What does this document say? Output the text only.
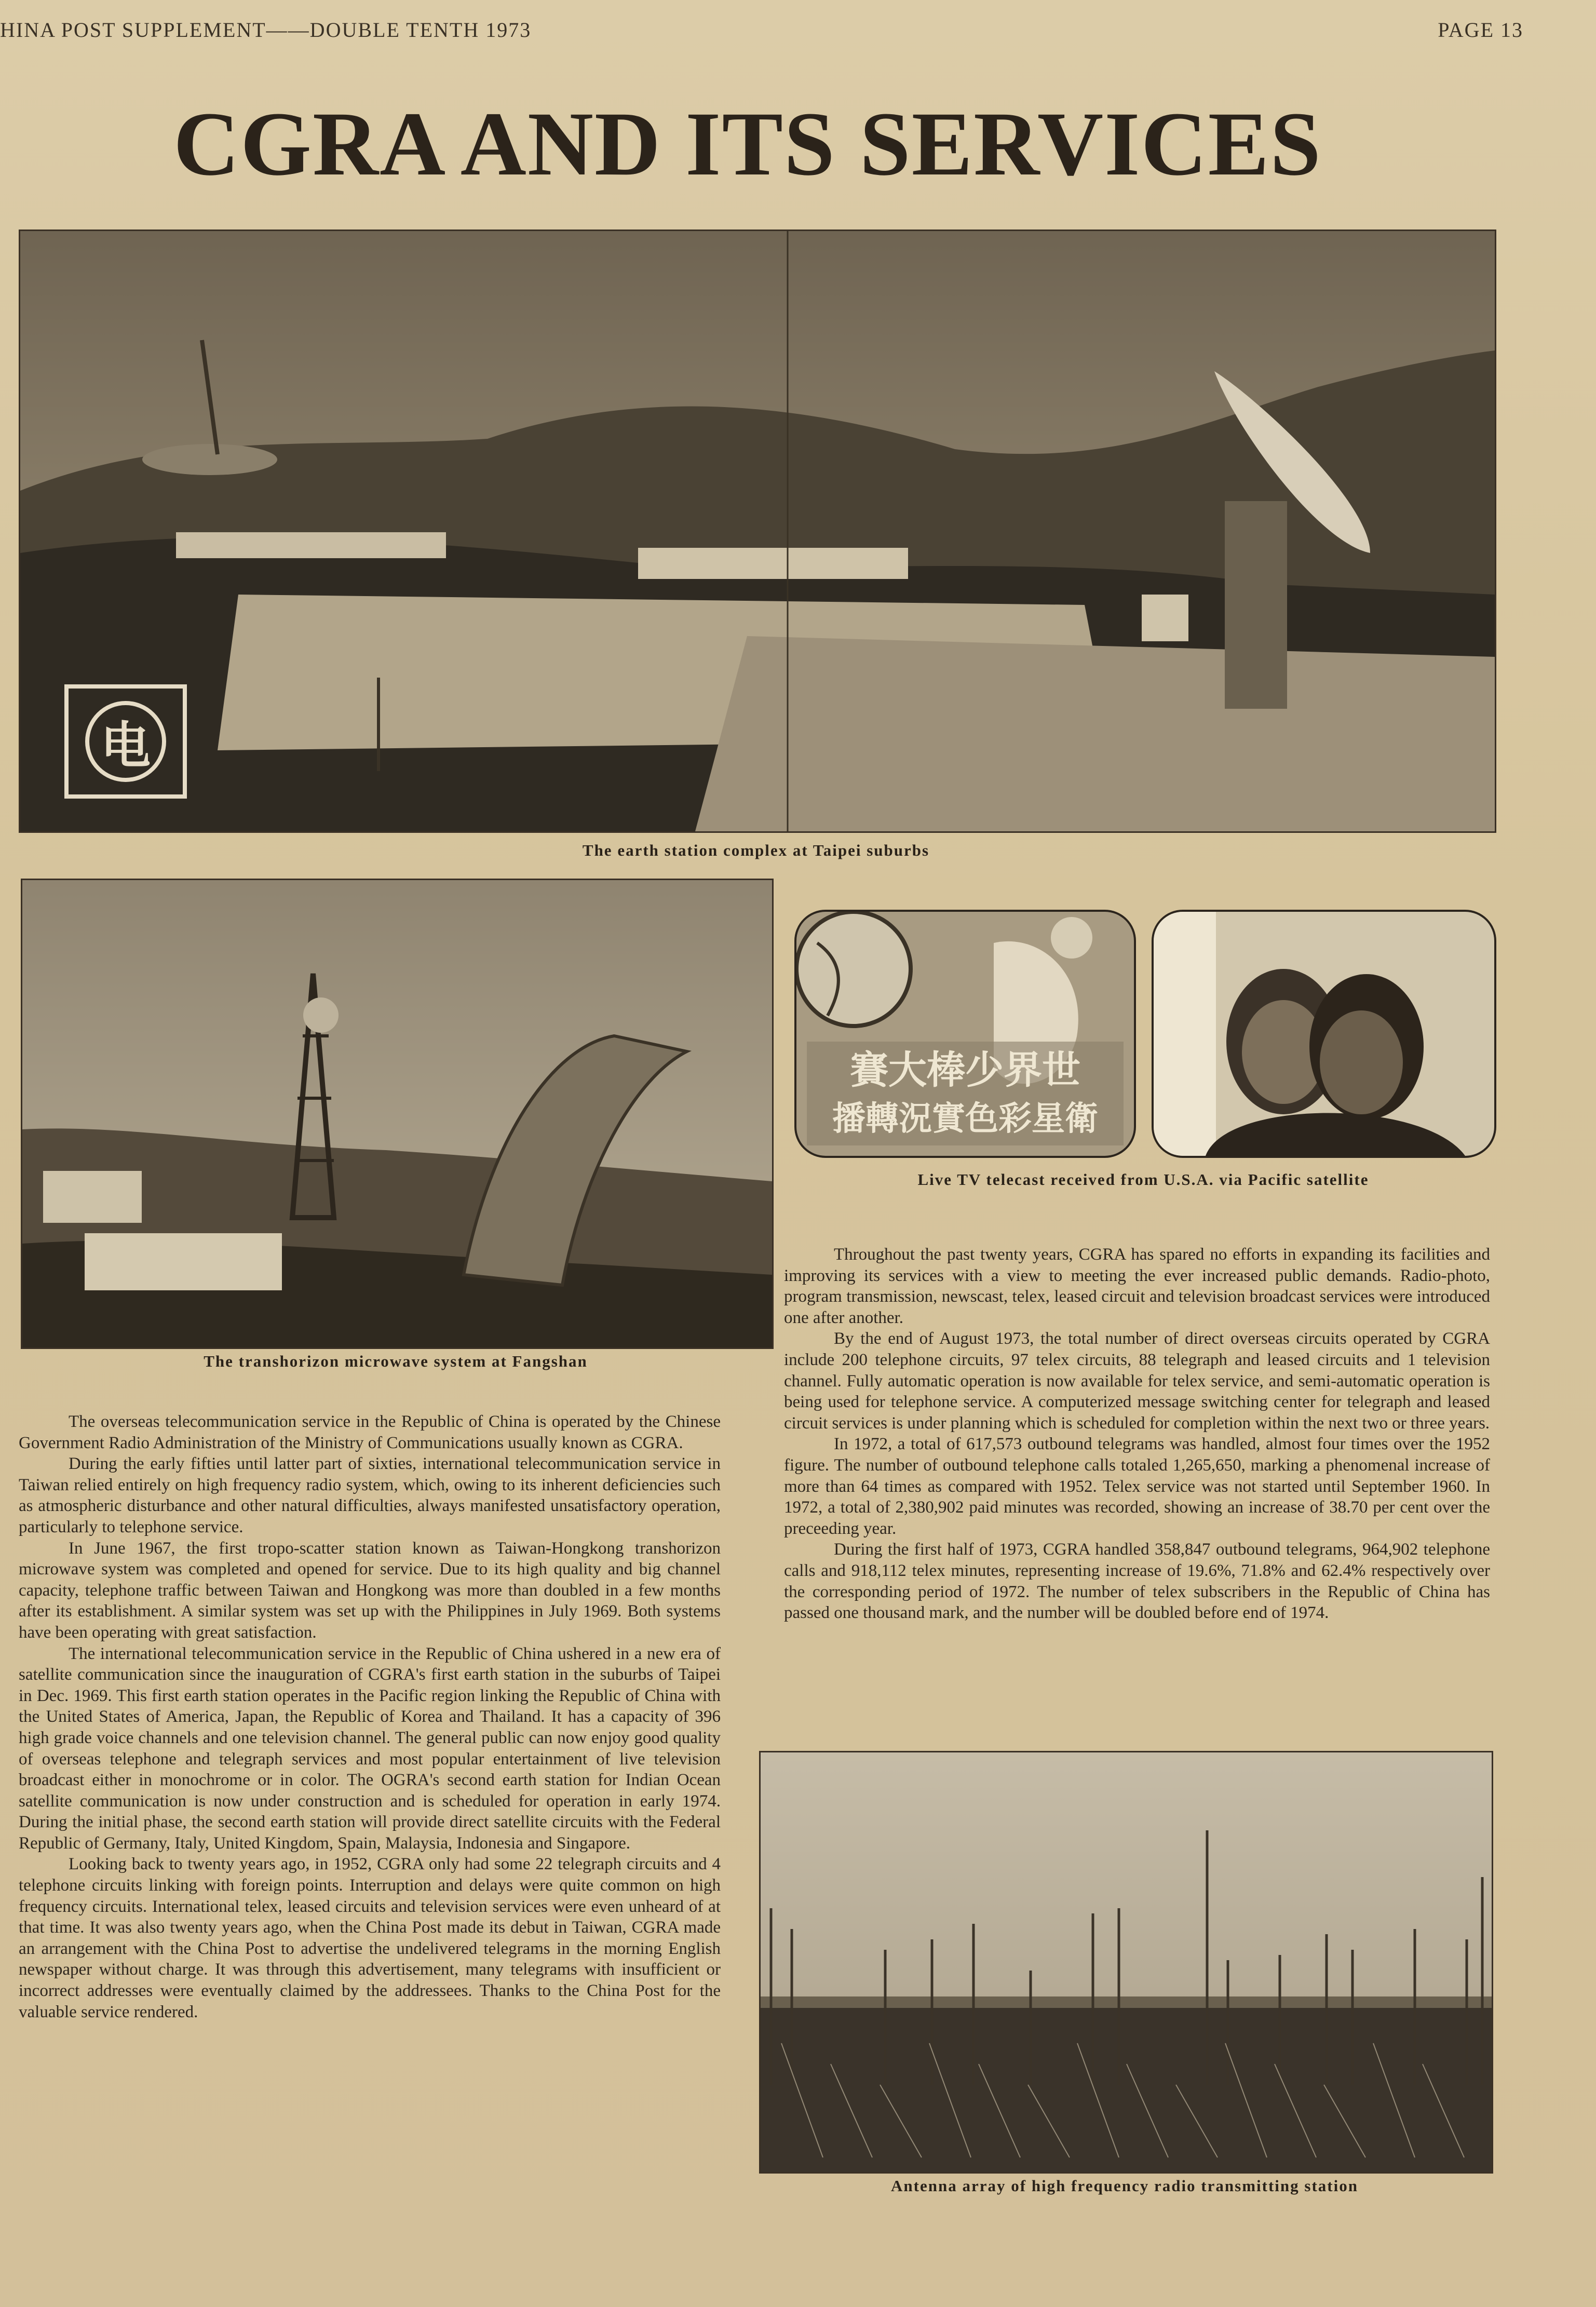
HINA POST SUPPLEMENT——DOUBLE TENTH 1973	PAGE 13
CGRA AND ITS SERVICES
电
The earth station complex at Taipei suburbs
The transhorizon microwave system at Fangshan
賽大棒少界世
播轉況實色彩星衛
Live TV telecast received from U.S.A. via Pacific satellite

The overseas telecommunication service in the Republic of China is operated by the Chinese Government Radio Administration of the Ministry of Communications usually known as CGRA.

During the early fifties until latter part of sixties, international telecommunication service in Taiwan relied entirely on high frequency radio system, which, owing to its inherent deficiencies such as atmospheric disturbance and other natural difficulties, always manifested unsatisfactory operation, particularly to telephone service.

In June 1967, the first tropo-scatter station known as Taiwan-Hongkong transhorizon microwave system was completed and opened for service. Due to its high quality and big channel capacity, telephone traffic between Taiwan and Hongkong was more than doubled in a few months after its establishment. A similar system was set up with the Philippines in July 1969. Both systems have been operating with great satisfaction.

The international telecommunication service in the Republic of China ushered in a new era of satellite communication since the inauguration of CGRA's first earth station in the suburbs of Taipei in Dec. 1969. This first earth station operates in the Pacific region linking the Republic of China with the United States of America, Japan, the Republic of Korea and Thailand. It has a capacity of 396 high grade voice channels and one television channel. The general public can now enjoy good quality of overseas telephone and telegraph services and most popular entertainment of live television broadcast either in monochrome or in color. The OGRA's second earth station for Indian Ocean satellite communication is now under construction and is scheduled for operation in early 1974. During the initial phase, the second earth station will provide direct satellite circuits with the Federal Republic of Germany, Italy, United Kingdom, Spain, Malaysia, Indonesia and Singapore.

Looking back to twenty years ago, in 1952, CGRA only had some 22 telegraph circuits and 4 telephone circuits linking with foreign points. Interruption and delays were quite common on high frequency circuits. International telex, leased circuits and television services were even unheard of at that time. It was also twenty years ago, when the China Post made its debut in Taiwan, CGRA made an arrangement with the China Post to advertise the undelivered telegrams in the morning English newspaper without charge. It was through this advertisement, many telegrams with insufficient or incorrect addresses were eventually claimed by the addressees. Thanks to the China Post for the valuable service rendered.

Throughout the past twenty years, CGRA has spared no efforts in expanding its facilities and improving its services with a view to meeting the ever increased public demands. Radio-photo, program transmission, newscast, telex, leased circuit and television broadcast services were introduced one after another.

By the end of August 1973, the total number of direct overseas circuits operated by CGRA include 200 telephone circuits, 97 telex circuits, 88 telegraph and leased circuits and 1 television channel. Fully automatic operation is now available for telex service, and semi-automatic operation is being used for telephone service. A computerized message switching center for telegraph and leased circuit services is under planning which is scheduled for completion within the next two or three years.

In 1972, a total of 617,573 outbound telegrams was handled, almost four times over the 1952 figure. The number of outbound telephone calls totaled 1,265,650, marking a phenomenal increase of more than 64 times as compared with 1952. Telex service was not started until September 1960. In 1972, a total of 2,380,902 paid minutes was recorded, showing an increase of 38.70 per cent over the preceeding year.

During the first half of 1973, CGRA handled 358,847 outbound telegrams, 964,902 telephone calls and 918,112 telex minutes, representing increase of 19.6%, 71.8% and 62.4% respectively over the corresponding period of 1972. The number of telex subscribers in the Republic of China has passed one thousand mark, and the number will be doubled before end of 1974.

Antenna array of high frequency radio transmitting station
